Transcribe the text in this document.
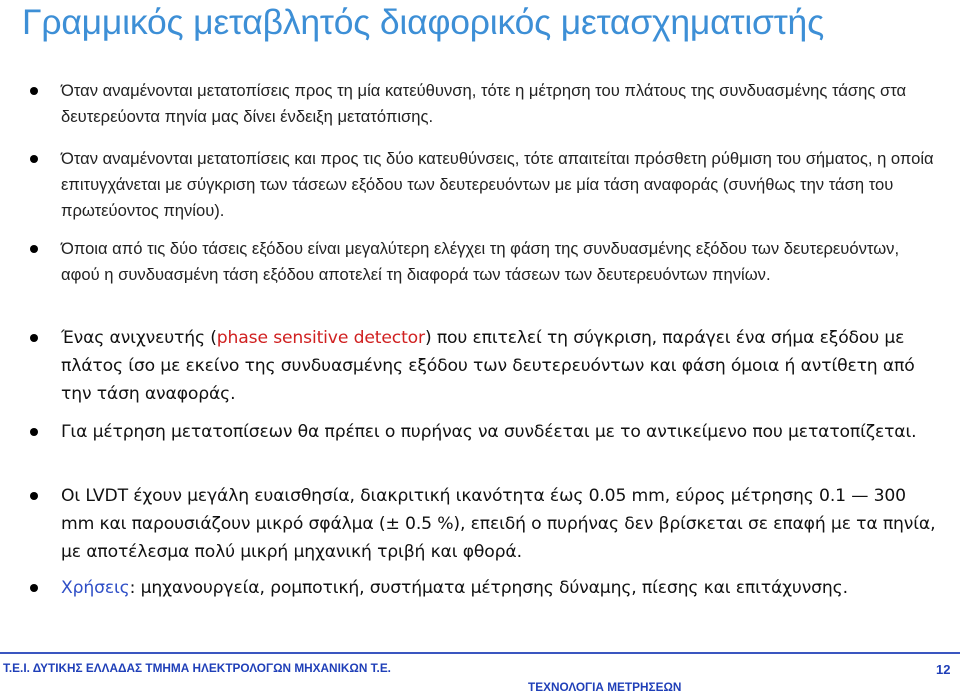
Γραμμικός μεταβλητός διαφορικός μετασχηματιστής
Όταν αναμένονται μετατοπίσεις προς τη μία κατεύθυνση, τότε η μέτρηση του πλάτους της συνδυασμένης τάσης στα δευτερεύοντα πηνία μας δίνει ένδειξη μετατόπισης.
Όταν αναμένονται μετατοπίσεις και προς τις δύο κατευθύνσεις, τότε απαιτείται πρόσθετη ρύθμιση του σήματος, η οποία επιτυγχάνεται με σύγκριση των τάσεων εξόδου των δευτερευόντων με μία τάση αναφοράς (συνήθως την τάση του πρωτεύοντος πηνίου).
Όποια από τις δύο τάσεις εξόδου είναι μεγαλύτερη ελέγχει τη φάση της συνδυασμένης εξόδου των δευτερευόντων, αφού η συνδυασμένη τάση εξόδου αποτελεί τη διαφορά των τάσεων των δευτερευόντων πηνίων.
Ένας ανιχνευτής (phase sensitive detector) που επιτελεί τη σύγκριση, παράγει ένα σήμα εξόδου με πλάτος ίσο με εκείνο της συνδυασμένης εξόδου των δευτερευόντων και φάση όμοια ή αντίθετη από την τάση αναφοράς.
Για μέτρηση μετατοπίσεων θα πρέπει ο πυρήνας να συνδέεται με το αντικείμενο που μετατοπίζεται.
Οι LVDT έχουν μεγάλη ευαισθησία, διακριτική ικανότητα έως 0.05 mm, εύρος μέτρησης 0.1 — 300 mm και παρουσιάζουν μικρό σφάλμα (± 0.5 %), επειδή ο πυρήνας δεν βρίσκεται σε επαφή με τα πηνία, με αποτέλεσμα πολύ μικρή μηχανική τριβή και φθορά.
Χρήσεις: μηχανουργεία, ρομποτική, συστήματα μέτρησης δύναμης, πίεσης και επιτάχυνσης.
Τ.Ε.Ι. ΔΥΤΙΚΗΣ ΕΛΛΑΔΑΣ ΤΜΗΜΑ ΗΛΕΚΤΡΟΛΟΓΩΝ ΜΗΧΑΝΙΚΩΝ Τ.Ε.
ΤΕΧΝΟΛΟΓΙΑ ΜΕΤΡΗΣΕΩΝ
12
